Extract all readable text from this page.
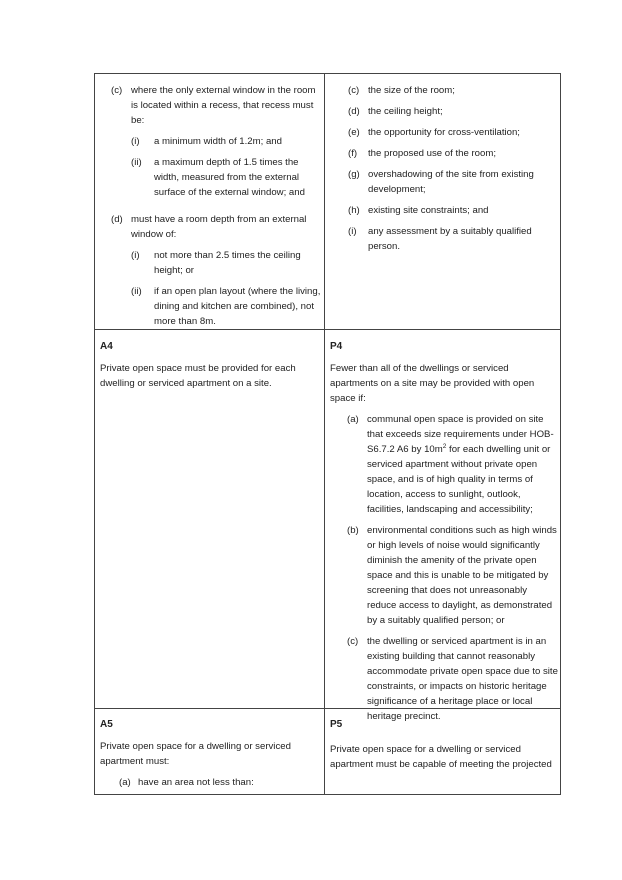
(c) where the only external window in the room is located within a recess, that recess must be:
(i)	a minimum width of 1.2m; and
(ii)	a maximum depth of 1.5 times the width, measured from the external surface of the external window; and
(d) must have a room depth from an external window of:
(i)	not more than 2.5 times the ceiling height; or
(ii)	if an open plan layout (where the living, dining and kitchen are combined), not more than 8m.
(c) the size of the room;
(d) the ceiling height;
(e) the opportunity for cross-ventilation;
(f)	the proposed use of the room;
(g) overshadowing of the site from existing development;
(h) existing site constraints; and
(i)	any assessment by a suitably qualified person.
A4

Private open space must be provided for each dwelling or serviced apartment on a site.

P4

Fewer than all of the dwellings or serviced apartments on a site may be provided with open space if:

(a) communal open space is provided on site that exceeds size requirements under HOB-S6.7.2 A6 by $10m^2$ for each dwelling unit or serviced apartment without private open space, and is of high quality in terms of location, access to sunlight, outlook, facilities, landscaping and accessibility;
(b) environmental conditions such as high winds or high levels of noise would significantly diminish the amenity of the private open space and this is unable to be mitigated by screening that does not unreasonably reduce access to daylight, as demonstrated by a suitably qualified person; or
(c) the dwelling or serviced apartment is in an existing building that cannot reasonably accommodate private open space due to site constraints, or impacts on historic heritage significance of a heritage place or local heritage precinct.
A5

Private open space for a dwelling or serviced apartment must:

(a) have an area not less than:
P5

Private open space for a dwelling or serviced apartment must be capable of meeting the projected
